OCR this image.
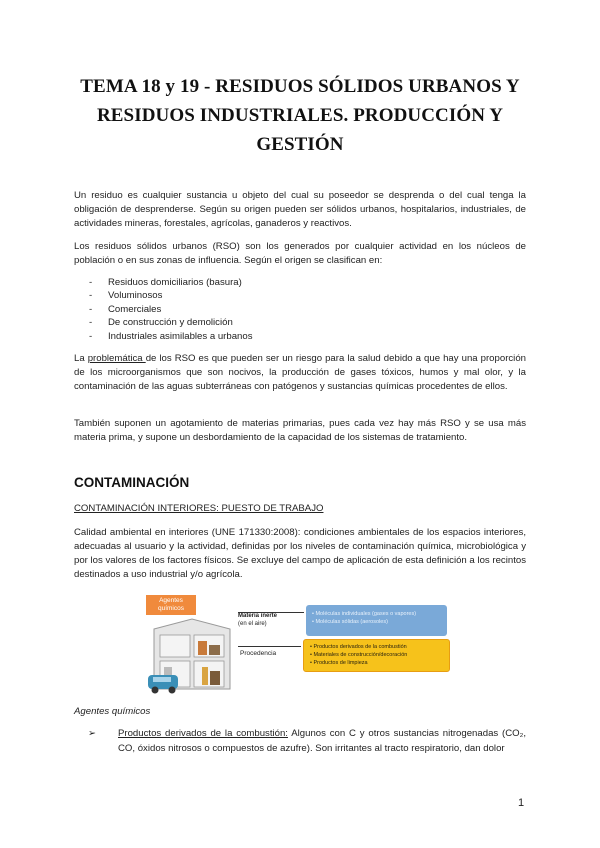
TEMA 18 y 19 - RESIDUOS SÓLIDOS URBANOS Y
RESIDUOS INDUSTRIALES. PRODUCCIÓN Y
GESTIÓN
Un residuo es cualquier sustancia u objeto del cual su poseedor se desprenda o del cual tenga la obligación de desprenderse. Según su origen pueden ser sólidos urbanos, hospitalarios, industriales, de actividades mineras, forestales, agrícolas, ganaderos y reactivos.
Los residuos sólidos urbanos (RSO) son los generados por cualquier actividad en los núcleos de población o en sus zonas de influencia. Según el origen se clasifican en:
- Residuos domiciliarios (basura)
- Voluminosos
- Comerciales
- De construcción y demolición
- Industriales asimilables a urbanos
La problemática de los RSO es que pueden ser un riesgo para la salud debido a que hay una proporción de los microorganismos que son nocivos, la producción de gases tóxicos, humos y mal olor, y la contaminación de las aguas subterráneas con patógenos y sustancias químicas procedentes de ellos.
También suponen un agotamiento de materias primarias, pues cada vez hay más RSO y se usa más materia prima, y supone un desbordamiento de la capacidad de los sistemas de tratamiento.
CONTAMINACIÓN
CONTAMINACIÓN INTERIORES: PUESTO DE TRABAJO
Calidad ambiental en interiores (UNE 171330:2008): condiciones ambientales de los espacios interiores, adecuadas al usuario y la actividad, definidas por los niveles de contaminación química, microbiológica y por los valores de los factores físicos. Se excluye del campo de aplicación de esta definición a los recintos destinados a uso industrial y/o agrícola.
Agentes químicos
Materia inerte
(en el aire)
Procedencia
• Moléculas individuales (gases o vapores)
• Moléculas sólidas (aerosoles)
• Productos derivados de la combustión
• Materiales de construcción/decoración
• Productos de limpieza
Agentes químicos
➢ Productos derivados de la combustión: Algunos con C y otros sustancias nitrogenadas (CO₂, CO, óxidos nitrosos o compuestos de azufre). Son irritantes al tracto respiratorio, dan dolor
1
